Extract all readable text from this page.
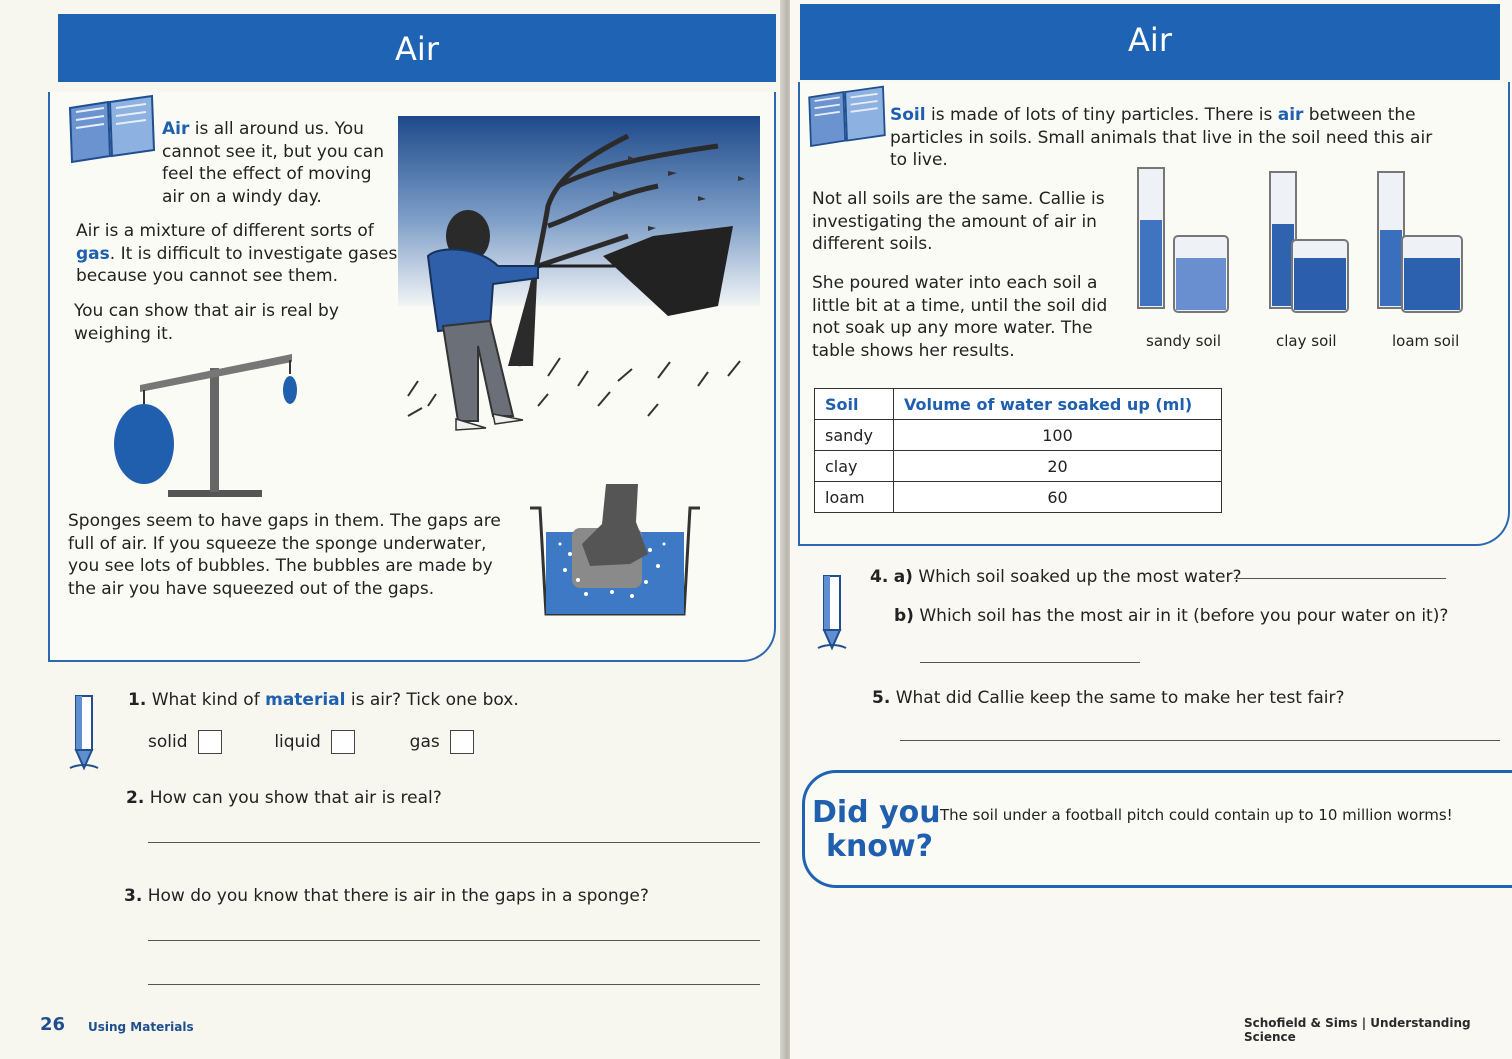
Air
Air is all around us. You
cannot see it, but you can
feel the effect of moving
air on a windy day.
Air is a mixture of different sorts of
gas. It is difficult to investigate gases
because you cannot see them.
You can show that air is real by
weighing it.
Sponges seem to have gaps in them. The gaps are
full of air. If you squeeze the sponge underwater,
you see lots of bubbles. The bubbles are made by
the air you have squeezed out of the gaps.
1. What kind of material is air? Tick one box.
solid	liquid	gas
2. How can you show that air is real?
3. How do you know that there is air in the gaps in a sponge?
26 Using Materials
Air
Soil is made of lots of tiny particles. There is air between the
particles in soils. Small animals that live in the soil need this air
to live.
Not all soils are the same. Callie is
investigating the amount of air in
different soils.
She poured water into each soil a
little bit at a time, until the soil did
not soak up any more water. The
table shows her results.	sandy soil	clay soil	loam soil
Soil	Volume of water soaked up (ml)
sandy	100
clay	20
loam	60
4. a) Which soil soaked up the most water?
b) Which soil has the most air in it (before you pour water on it)?
5. What did Callie keep the same to make her test fair?
Did you
know?
The soil under a football pitch could contain up to 10 million worms!
Schofield & Sims | Understanding Science
